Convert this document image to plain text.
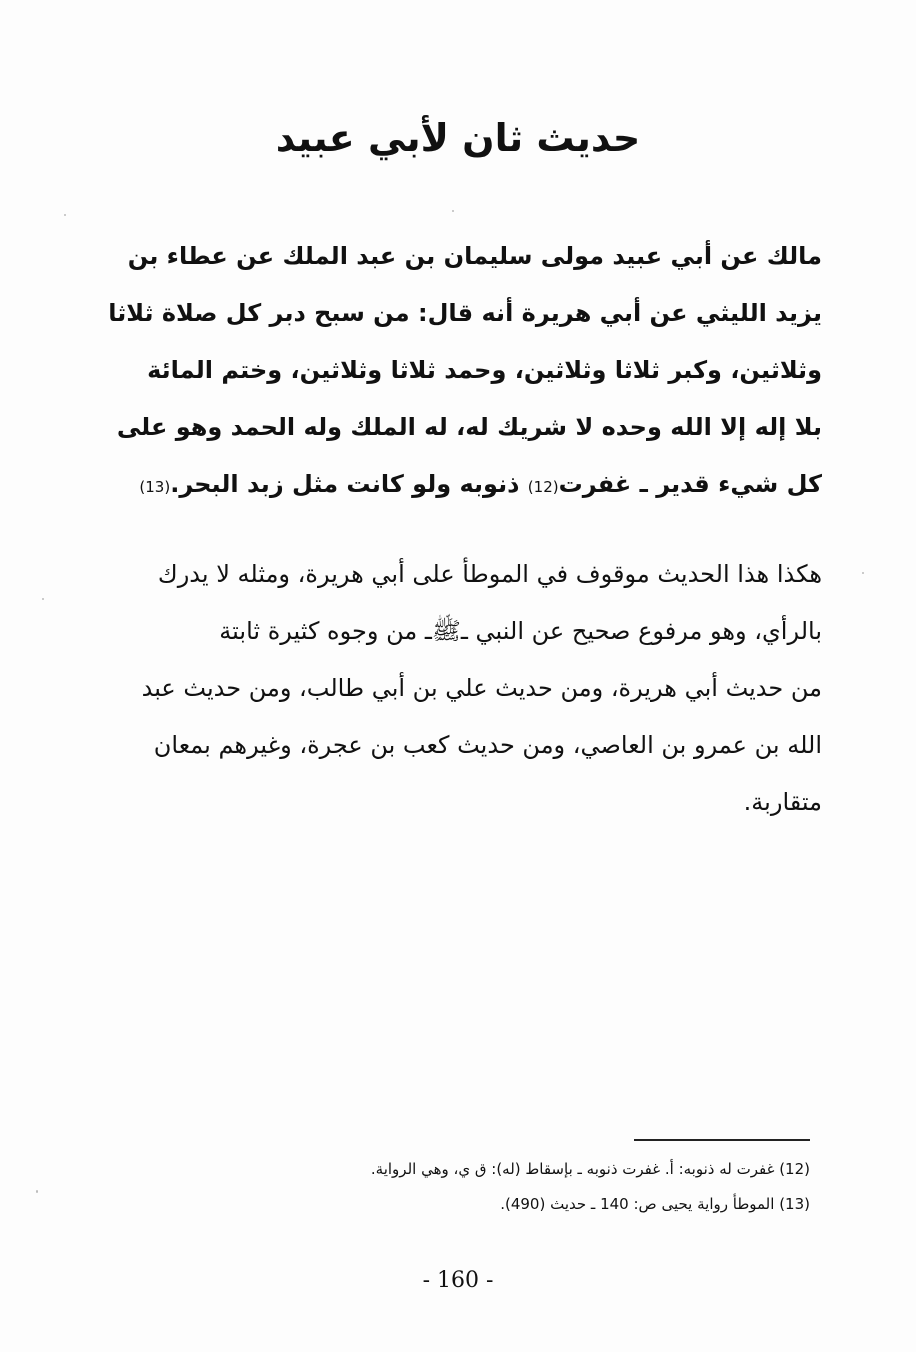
حديث ثان لأبي عبيد
مالك عن أبي عبيد مولى سليمان بن عبد الملك عن عطاء بن
يزيد الليثي عن أبي هريرة أنه قال: من سبح دبر كل صلاة ثلاثا
وثلاثين، وكبر ثلاثا وثلاثين، وحمد ثلاثا وثلاثين، وختم المائة
بلا إله إلا الله وحده لا شريك له، له الملك وله الحمد وهو على
كل شيء قدير ـ غفرت(12) ذنوبه ولو كانت مثل زبد البحر.(13)
هكذا هذا الحديث موقوف في الموطأ على أبي هريرة، ومثله لا يدرك
بالرأي، وهو مرفوع صحيح عن النبي ـﷺـ من وجوه كثيرة ثابتة
من حديث أبي هريرة، ومن حديث علي بن أبي طالب، ومن حديث عبد
الله بن عمرو بن العاصي، ومن حديث كعب بن عجرة، وغيرهم بمعان
متقاربة.
(12) غفرت له ذنوبه: أ. غفرت ذنوبه ـ بإسقاط (له): ق ي، وهي الرواية.
(13) الموطأ رواية يحيى ص: 140 ـ حديث (490).
- 160 -
